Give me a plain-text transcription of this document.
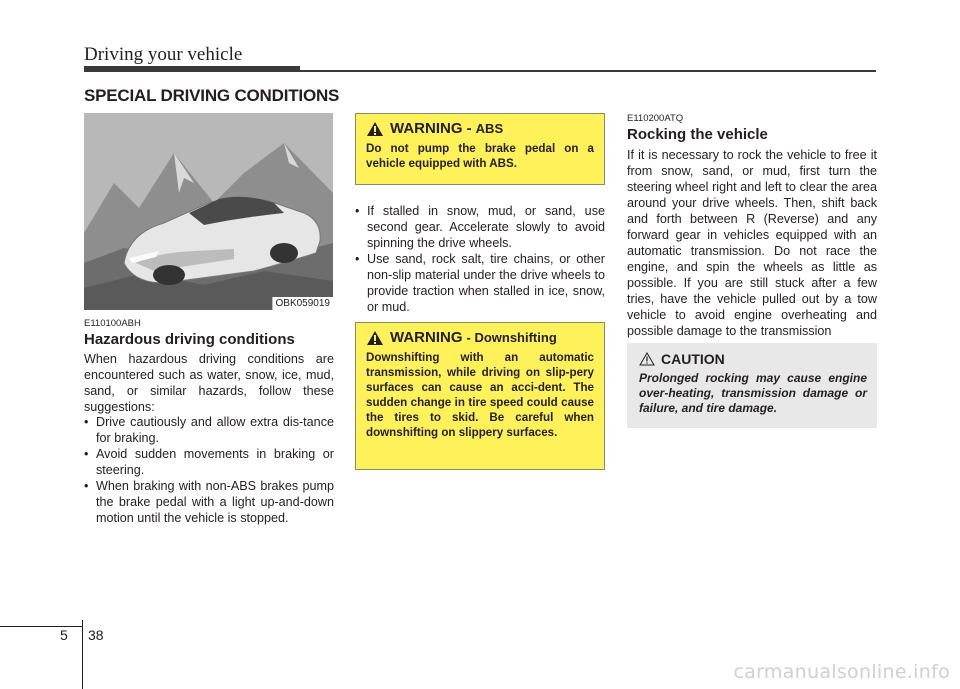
Driving your vehicle
SPECIAL DRIVING CONDITIONS
OBK059019
E110100ABH
Hazardous driving conditions
When hazardous driving conditions are encountered such as water, snow, ice, mud, sand, or similar hazards, follow these suggestions:
• Drive cautiously and allow extra dis-tance for braking.
• Avoid sudden movements in braking or steering.
• When braking with non-ABS brakes pump the brake pedal with a light up-and-down motion until the vehicle is stopped.
WARNING - ABS
Do not pump the brake pedal on a vehicle equipped with ABS.
• If stalled in snow, mud, or sand, use second gear. Accelerate slowly to avoid spinning the drive wheels.
• Use sand, rock salt, tire chains, or other non-slip material under the drive wheels to provide traction when stalled in ice, snow, or mud.
WARNING - Downshifting
Downshifting with an automatic transmission, while driving on slip-pery surfaces can cause an acci-dent. The sudden change in tire speed could cause the tires to skid. Be careful when downshifting on slippery surfaces.
E110200ATQ
Rocking the vehicle
If it is necessary to rock the vehicle to free it from snow, sand, or mud, first turn the steering wheel right and left to clear the area around your drive wheels. Then, shift back and forth between R (Reverse) and any forward gear in vehicles equipped with an automatic transmission. Do not race the engine, and spin the wheels as little as possible. If you are still stuck after a few tries, have the vehicle pulled out by a tow vehicle to avoid engine overheating and possible damage to the transmission
CAUTION
Prolonged rocking may cause engine over-heating, transmission damage or failure, and tire damage.
5 38
carmanualsonline.info
